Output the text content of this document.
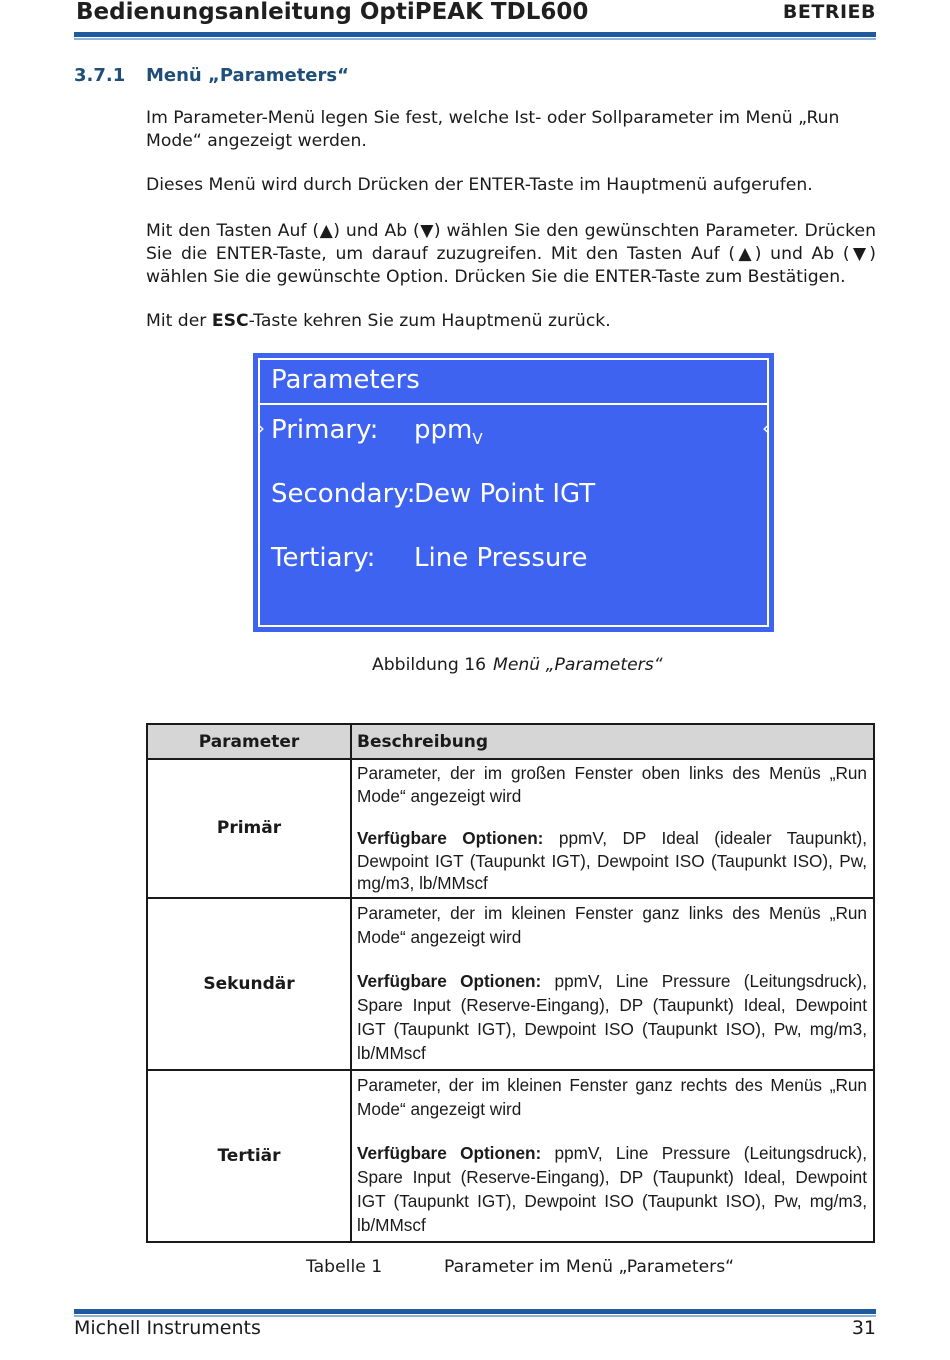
Bedienungsanleitung OptiPEAK TDL600	BETRIEB
3.7.1 Menü „Parameters“
Im Parameter-Menü legen Sie fest, welche Ist- oder Sollparameter im Menü „Run Mode“ angezeigt werden.
Dieses Menü wird durch Drücken der ENTER-Taste im Hauptmenü aufgerufen.
Mit den Tasten Auf (▲) und Ab (▼) wählen Sie den gewünschten Parameter. Drücken Sie die ENTER-Taste, um darauf zuzugreifen. Mit den Tasten Auf (▲) und Ab (▼) wählen Sie die gewünschte Option. Drücken Sie die ENTER-Taste zum Bestätigen.
Mit der ESC-Taste kehren Sie zum Hauptmenü zurück.
Parameters
›	‹
Primary: ppm$_V$
Secondary:
Dew Point IGT
Tertiary: Line Pressure
Abbildung 16 Menü „Parameters“
Parameter	Beschreibung
Primär	Parameter, der im großen Fenster oben links des Menüs „Run Mode“ angezeigt wird
Verfügbare Optionen: ppmV, DP Ideal (idealer Taupunkt), Dewpoint IGT (Taupunkt IGT), Dewpoint ISO (Taupunkt ISO), Pw, mg/m3, lb/MMscf

Sekundär	Parameter, der im kleinen Fenster ganz links des Menüs „Run Mode“ angezeigt wird
Verfügbare Optionen: ppmV, Line Pressure (Leitungsdruck), Spare Input (Reserve-Eingang), DP (Taupunkt) Ideal, Dewpoint IGT (Taupunkt IGT), Dewpoint ISO (Taupunkt ISO), Pw, mg/m3, lb/MMscf

Tertiär	Parameter, der im kleinen Fenster ganz rechts des Menüs „Run Mode“ angezeigt wird
Verfügbare Optionen: ppmV, Line Pressure (Leitungsdruck), Spare Input (Reserve-Eingang), DP (Taupunkt) Ideal, Dewpoint IGT (Taupunkt IGT), Dewpoint ISO (Taupunkt ISO), Pw, mg/m3, lb/MMscf
Tabelle 1	Parameter im Menü „Parameters“
Michell Instruments	31
